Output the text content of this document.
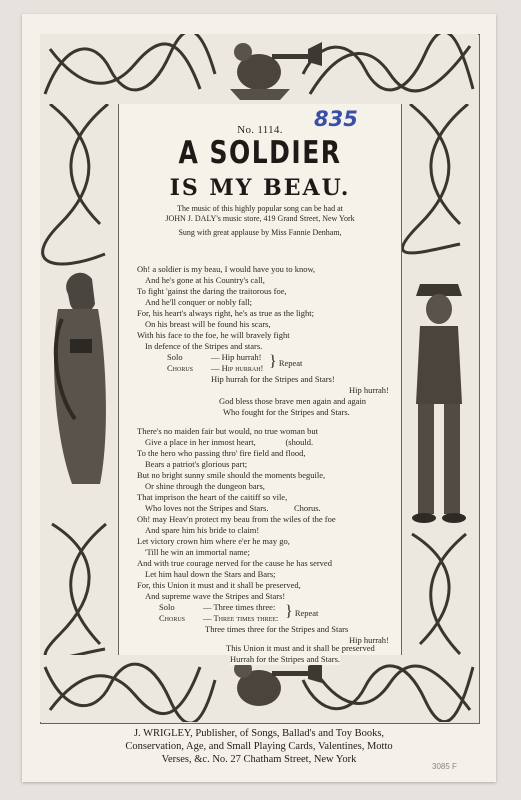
No. 1114.	835
A SOLDIER
IS MY BEAU.
The music of this highly popular song can be had at
JOHN J. DALY's music store, 419 Grand Street, New York
Sung with great applause by Miss Fannie Denham,
Oh! a soldier is my beau, I would have you to know,
And he's gone at his Country's call,
To fight 'gainst the daring the traitorous foe,
And he'll conquer or nobly fall;
For, his heart's always right, he's as true as the light;
On his breast will be found his scars,
With his face to the foe, he will bravely fight
In defence of the Stripes and stars.
Solo	— Hip hurrah!
Chorus — Hip hurrah! } Repeat
Hip hurrah for the Stripes and Stars!
Hip hurrah!
God bless those brave men again and again
Who fought for the Stripes and Stars.
There's no maiden fair but would, no true woman but
Give a place in her inmost heart,              (should.
To the hero who passing thro' fire field and flood,
Bears a patriot's glorious part;
But no bright sunny smile should the moments beguile,
Or shine through the dungeon bars,
That imprison the heart of the caitiff so vile,
Who loves not the Stripes and Stars.            Chorus.
Oh! may Heav'n protect my beau from the wiles of the foe
And spare him his bride to claim!
Let victory crown him where e'er he may go,
'Till he win an immortal name;
And with true courage nerved for the cause he has served
Let him haul down the Stars and Bars;
For, this Union it must and it shall be preserved,
And supreme wave the Stripes and Stars!
Solo	— Three times three:
Chorus — Three times three: } Repeat
Three times three for the Stripes and Stars
Hip hurrah!
This Union it must and it shall be preserved
Hurrah for the Stripes and Stars.
J. WRIGLEY, Publisher, of Songs, Ballad's and Toy Books,
Conservation, Age, and Small Playing Cards, Valentines, Motto
Verses, &c. No. 27 Chatham Street, New York
3085 F
